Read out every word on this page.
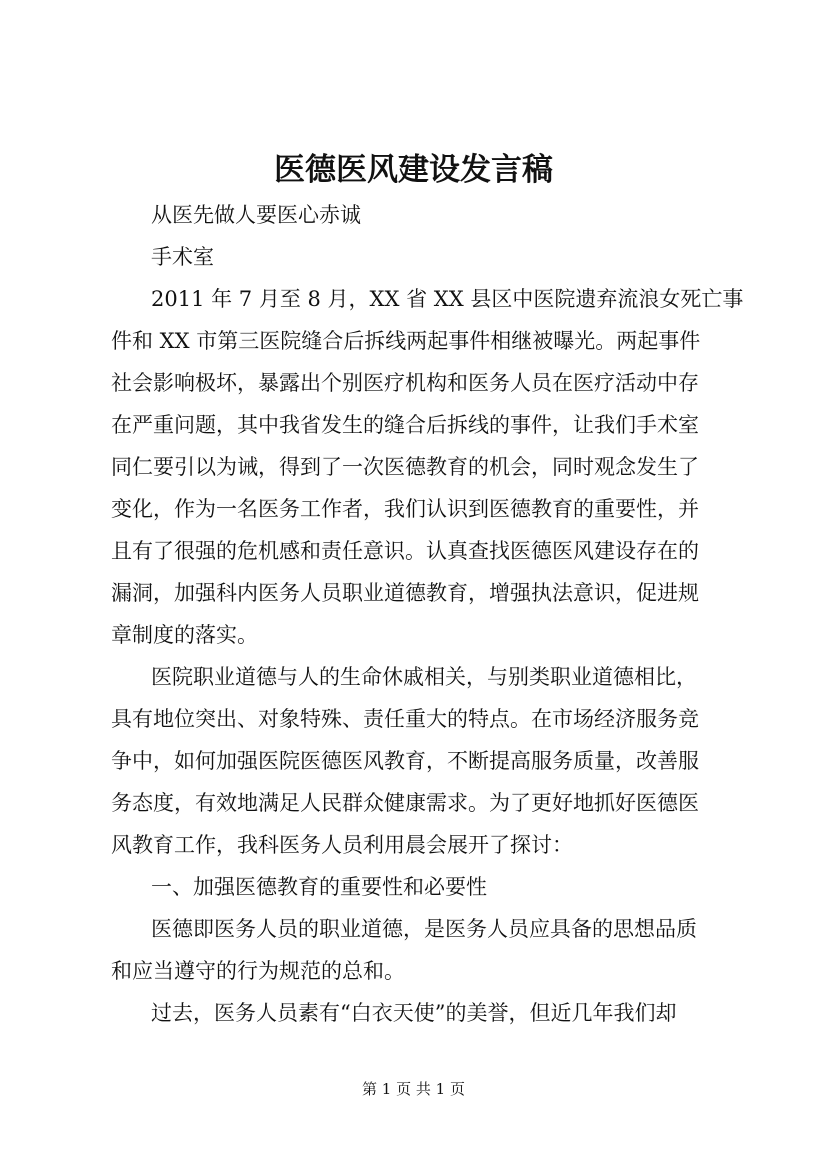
医德医风建设发言稿
从医先做人要医心赤诚
手术室
2011 年 7 月至 8 月，XX 省 XX 县区中医院遗弃流浪女死亡事
件和 XX 市第三医院缝合后拆线两起事件相继被曝光。两起事件
社会影响极坏，暴露出个别医疗机构和医务人员在医疗活动中存
在严重问题，其中我省发生的缝合后拆线的事件，让我们手术室
同仁要引以为诫，得到了一次医德教育的机会，同时观念发生了
变化，作为一名医务工作者，我们认识到医德教育的重要性，并
且有了很强的危机感和责任意识。认真查找医德医风建设存在的
漏洞，加强科内医务人员职业道德教育，增强执法意识，促进规
章制度的落实。
医院职业道德与人的生命休戚相关，与别类职业道德相比，
具有地位突出、对象特殊、责任重大的特点。在市场经济服务竞
争中，如何加强医院医德医风教育，不断提高服务质量，改善服
务态度，有效地满足人民群众健康需求。为了更好地抓好医德医
风教育工作，我科医务人员利用晨会展开了探讨：
一、加强医德教育的重要性和必要性
医德即医务人员的职业道德，是医务人员应具备的思想品质
和应当遵守的行为规范的总和。
过去，医务人员素有“白衣天使”的美誉，但近几年我们却
第 1 页 共 1 页
